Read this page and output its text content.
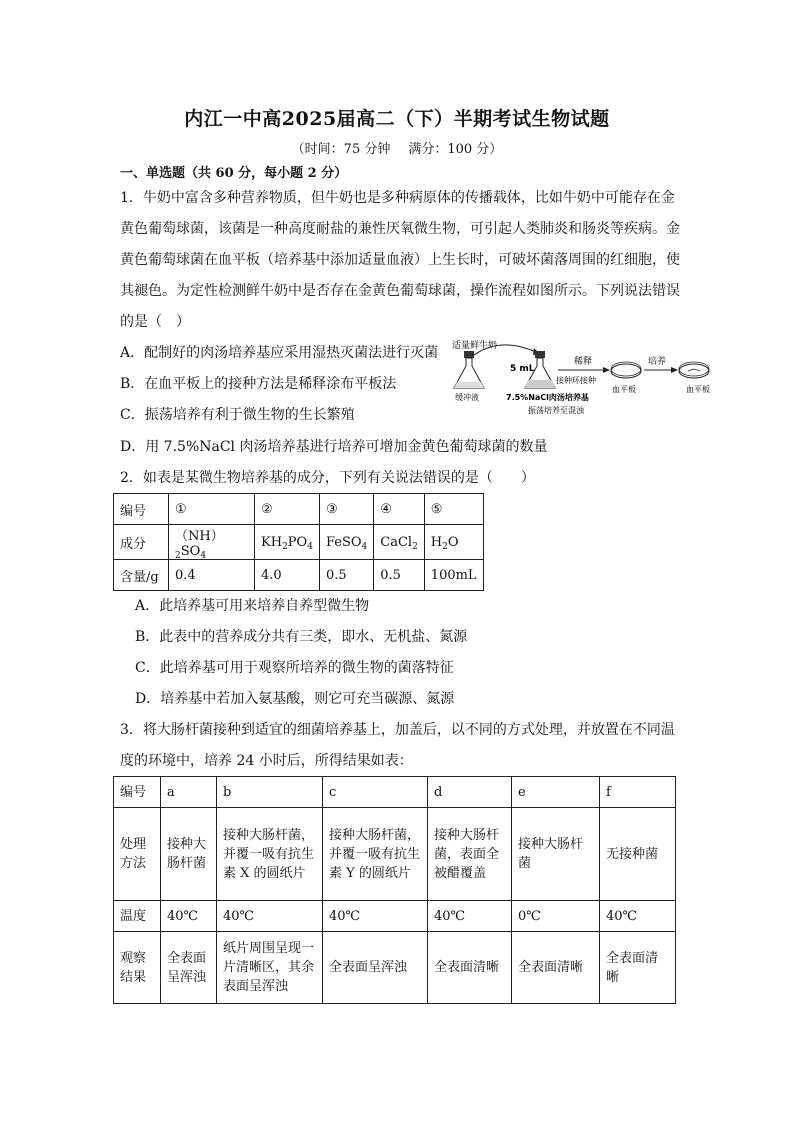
内江一中高2025届高二（下）半期考试生物试题
（时间：75 分钟 满分：100 分）
一、单选题（共 60 分，每小题 2 分）
1．牛奶中富含多种营养物质，但牛奶也是多种病原体的传播载体，比如牛奶中可能存在金黄色葡萄球菌，该菌是一种高度耐盐的兼性厌氧微生物，可引起人类肺炎和肠炎等疾病。金黄色葡萄球菌在血平板（培养基中添加适量血液）上生长时，可破坏菌落周围的红细胞，使其褪色。为定性检测鲜牛奶中是否存在金黄色葡萄球菌，操作流程如图所示。下列说法错误的是（　）
A．配制好的肉汤培养基应采用湿热灭菌法进行灭菌
B．在血平板上的接种方法是稀释涂布平板法
C．振荡培养有利于微生物的生长繁殖
D．用 7.5%NaCl 肉汤培养基进行培养可增加金黄色葡萄球菌的数量
适量鲜牛奶
5 mL
缓冲液	7.5%NaCl肉汤培养基
振荡培养至混浊
稀释
接种环接种
血平板
培养
血平板
2．如表是某微生物培养基的成分，下列有关说法错误的是（　　）
编号	①	②	③	④	⑤
成分	$(NH)_2SO_4$	$KH_2PO_4$	FeSO$_4$	CaCl$_2$	$H_2O$
含量/g	0.4	4.0	0.5	0.5	100mL
A．此培养基可用来培养自养型微生物
B．此表中的营养成分共有三类，即水、无机盐、氮源
C．此培养基可用于观察所培养的微生物的菌落特征
D．培养基中若加入氨基酸，则它可充当碳源、氮源
3．将大肠杆菌接种到适宜的细菌培养基上，加盖后，以不同的方式处理，并放置在不同温
度的环境中，培养 24 小时后，所得结果如表：
编号	a	b	c	d	e	f
处理方法	接种大肠杆菌	接种大肠杆菌，并覆一吸有抗生素 X 的圆纸片	接种大肠杆菌，并覆一吸有抗生素 Y 的圆纸片	接种大肠杆菌，表面全被醋覆盖	接种大肠杆菌	无接种菌
温度	40℃	40℃	40℃	40℃	0℃	40℃
观察结果	全表面呈浑浊	纸片周围呈现一片清晰区，其余表面呈浑浊	全表面呈浑浊	全表面清晰	全表面清晰	全表面清晰
